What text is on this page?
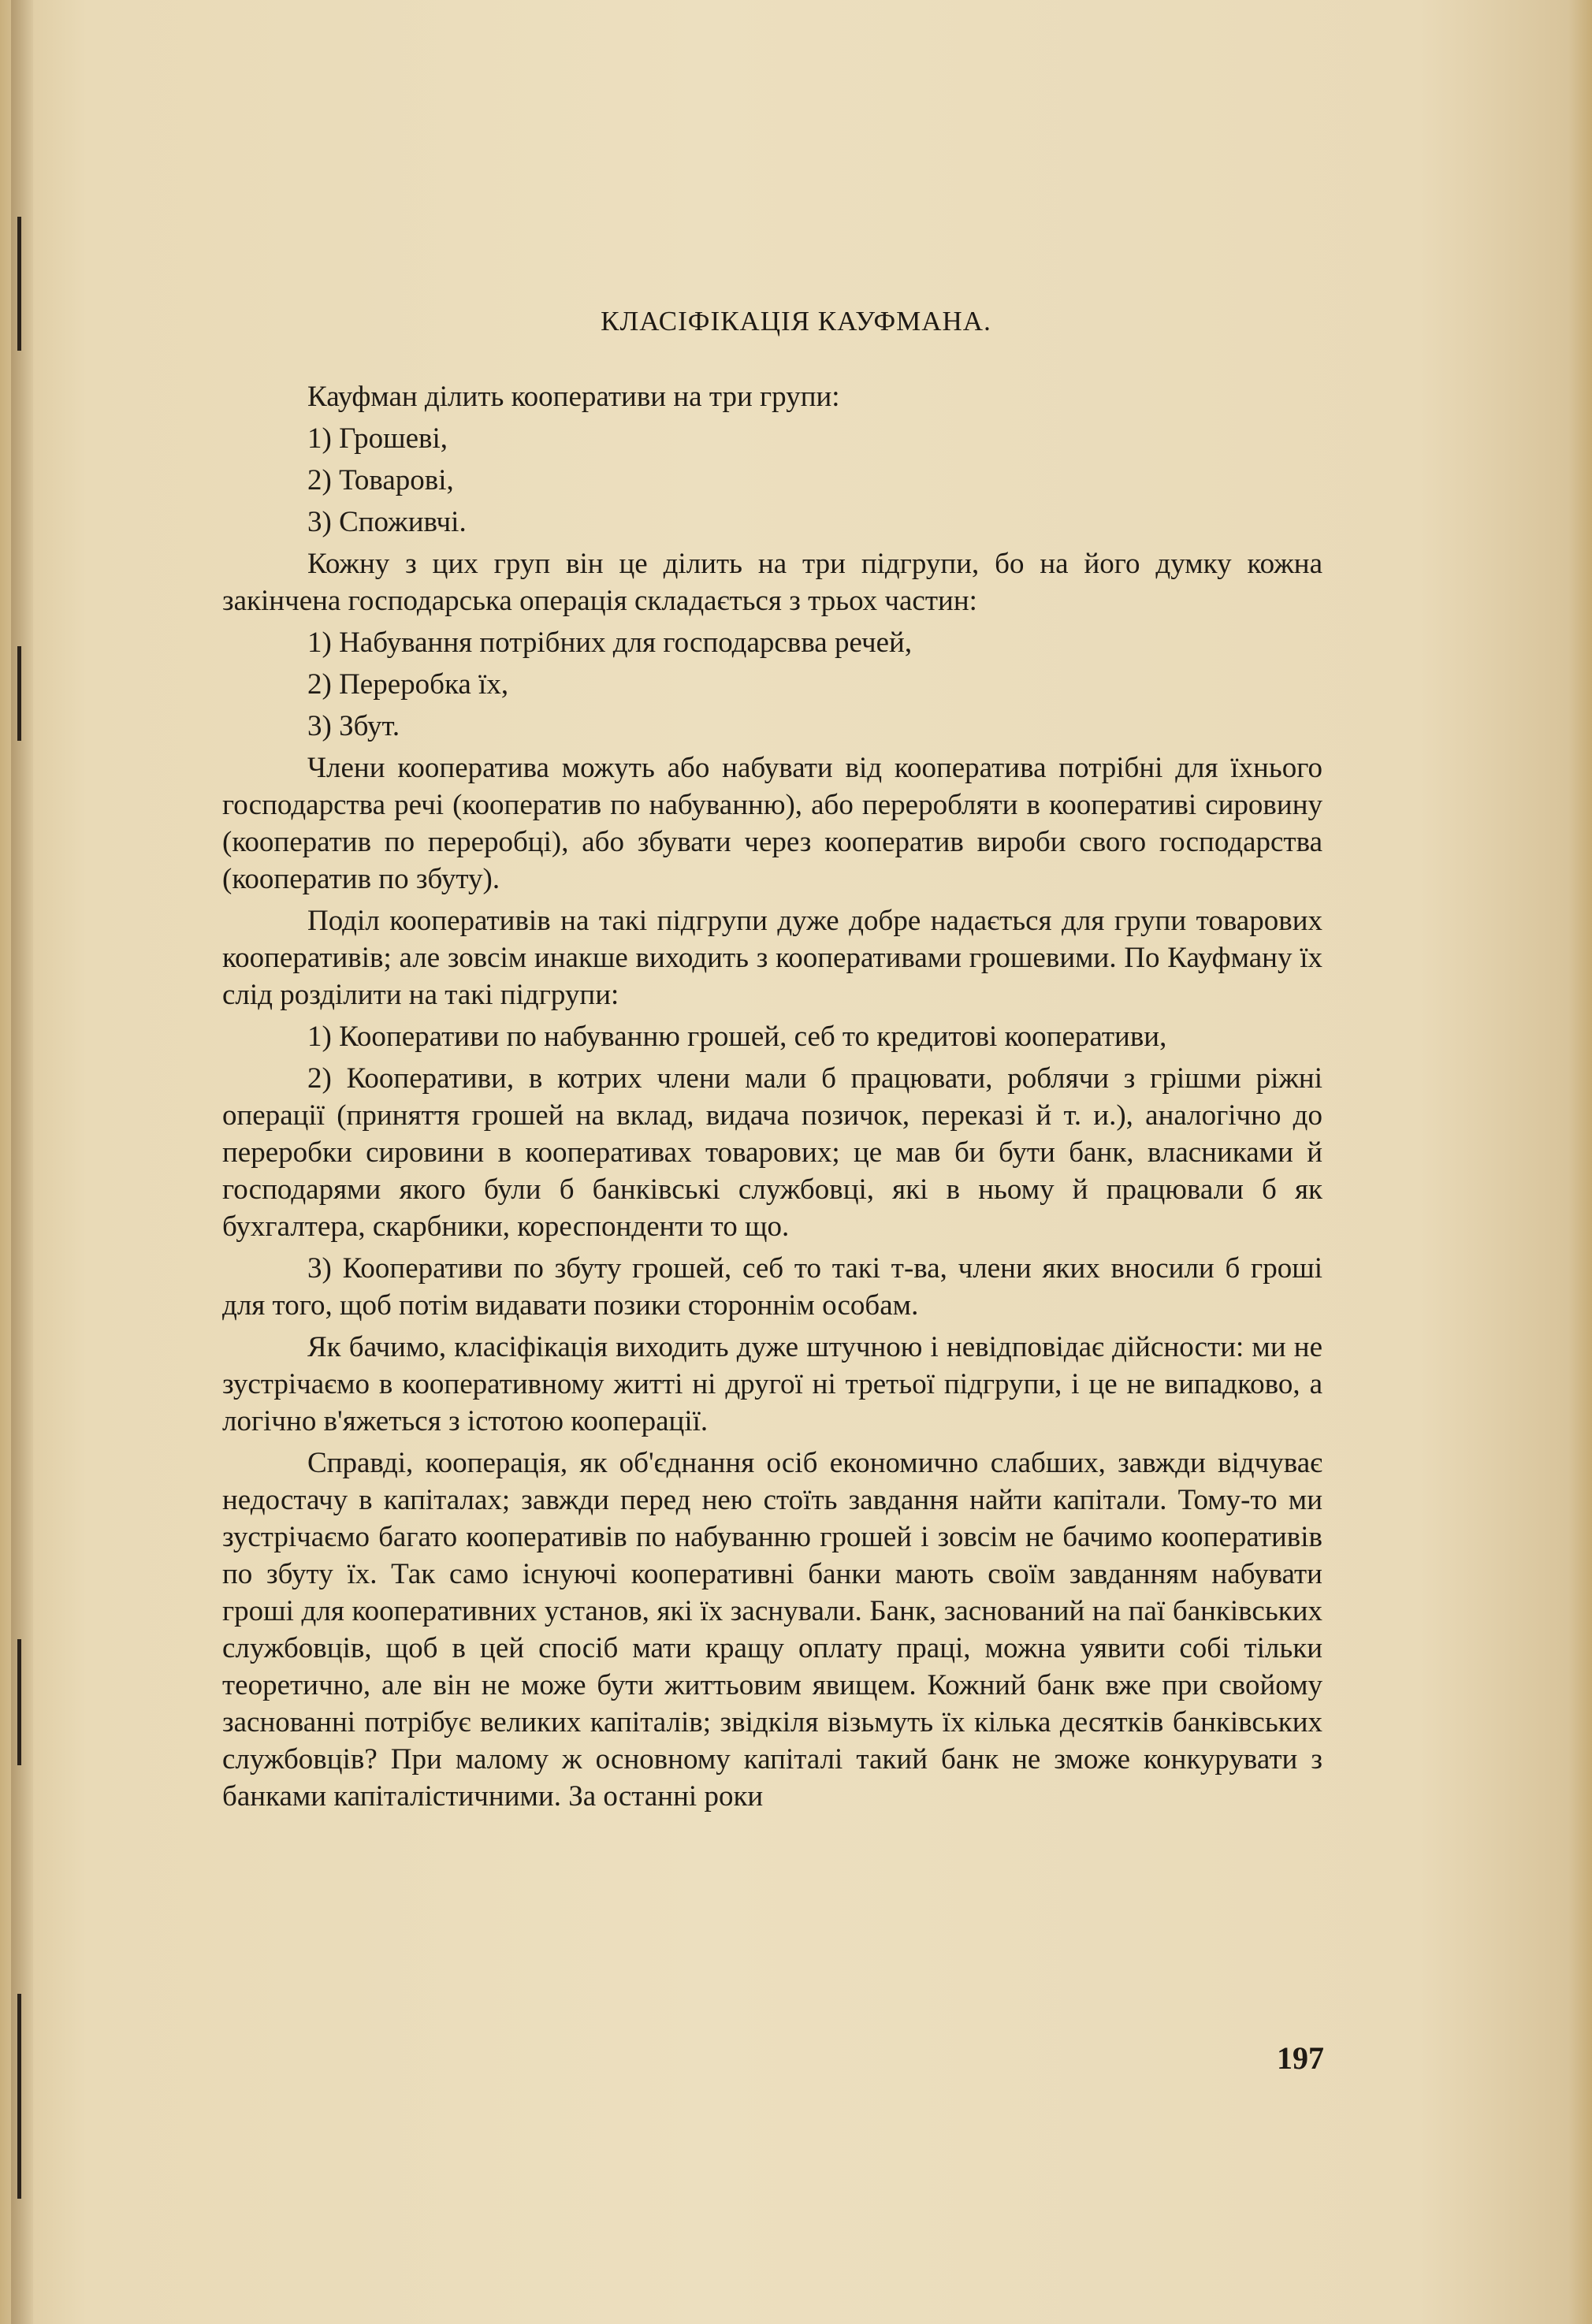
КЛАСІФІКАЦІЯ КАУФМАНА.

Кауфман ділить кооперативи на три групи:

1) Грошеві,

2) Товарові,

3) Споживчі.

Кожну з цих груп він це ділить на три підгрупи, бо на його думку кожна закінчена господарська операція складається з трьох частин:

1) Набування потрібних для господарсвва речей,

2) Переробка їх,

3) Збут.

Члени кооператива можуть або набувати від кооператива потрібні для їхнього господарства речі (кооператив по набуванню), або переробляти в кооперативі сировину (кооператив по переробці), або збувати через кооператив вироби свого господарства (кооператив по збуту).

Поділ кооперативів на такі підгрупи дуже добре надається для групи товарових кооперативів; але зовсім инакше виходить з кооперативами грошевими. По Кауфману їх слід розділити на такі підгрупи:

1) Кооперативи по набуванню грошей, себ то кредитові кооперативи,

2) Кооперативи, в котрих члени мали б працювати, роблячи з грішми ріжні операції (приняття грошей на вклад, видача позичок, переказі й т. и.), аналогічно до переробки сировини в кооперативах товарових; це мав би бути банк, власниками й господарями якого були б банківські службовці, які в ньому й працювали б як бухгалтера, скарбники, кореспонденти то що.

3) Кооперативи по збуту грошей, себ то такі т-ва, члени яких вносили б гроші для того, щоб потім видавати позики стороннім особам.

Як бачимо, класіфікація виходить дуже штучною і невідповідає дійсности: ми не зустрічаємо в кооперативному житті ні другої ні третьої підгрупи, і це не випадково, а логічно в'яжеться з істотою кооперації.

Справді, кооперація, як об'єднання осіб економично слабших, завжди відчуває недостачу в капіталах; завжди перед нею стоїть завдання найти капітали. Тому-то ми зустрічаємо багато кооперативів по набуванню грошей і зовсім не бачимо кооперативів по збуту їх. Так само існуючі кооперативні банки мають своїм завданням набувати гроші для кооперативних установ, які їх заснували. Банк, заснований на паї банківських службовців, щоб в цей спосіб мати кращу оплату праці, можна уявити собі тільки теоретично, але він не може бути життьовим явищем. Кожний банк вже при свойому заснованні потрібує великих капіталів; звідкіля візьмуть їх кілька десятків банківських службовців? При малому ж основному капіталі такий банк не зможе конкурувати з банками капіталістичними. За останні роки

197
